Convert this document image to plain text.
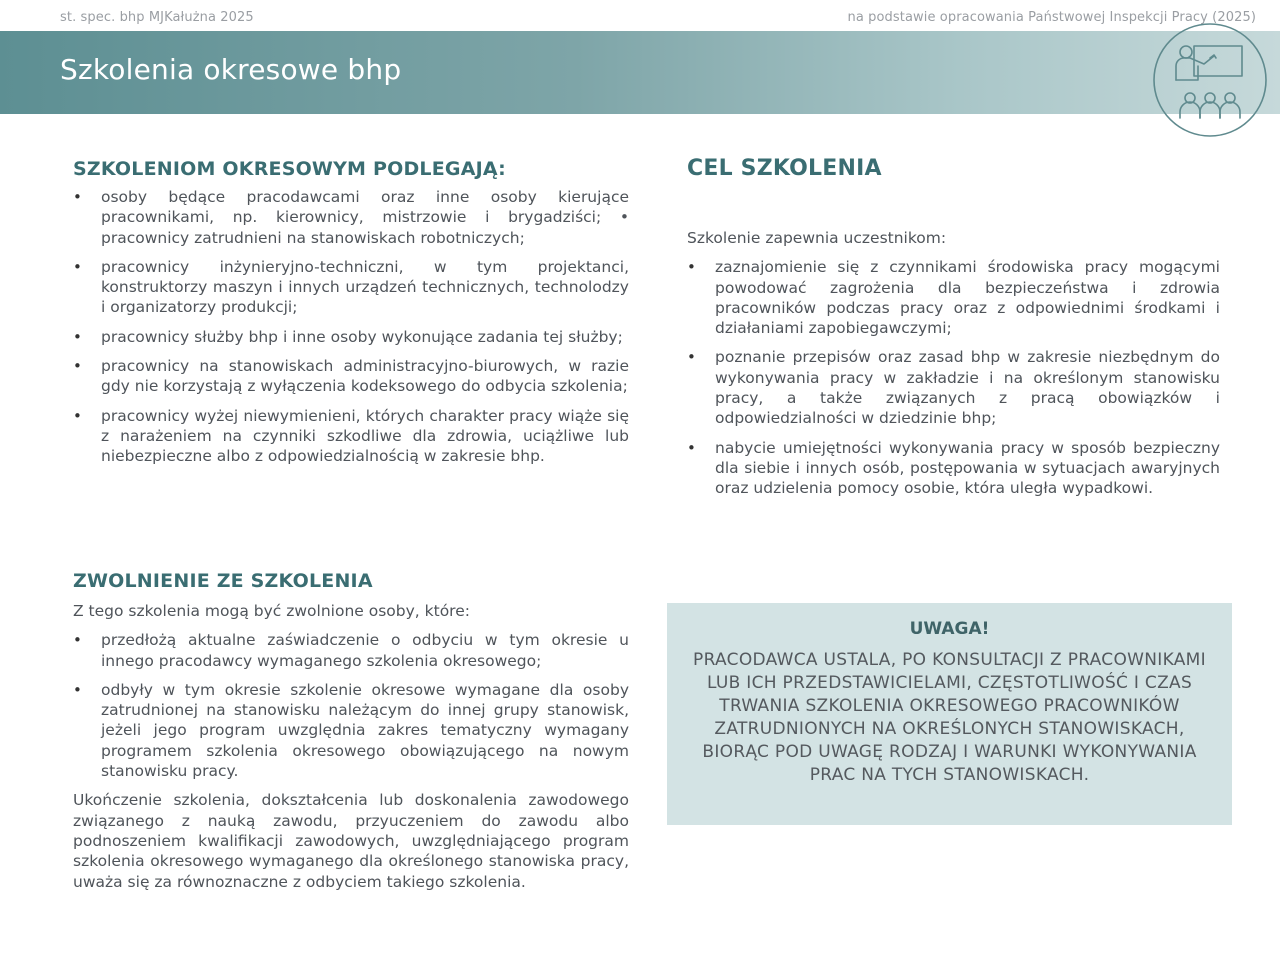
st. spec. bhp MJKałużna 2025	na podstawie opracowania Państwowej Inspekcji Pracy (2025)
Szkolenia okresowe bhp
SZKOLENIOM OKRESOWYM PODLEGAJĄ:
• osoby będące pracodawcami oraz inne osoby kierujące pracownikami, np. kierownicy, mistrzowie i brygadziści; • pracownicy zatrudnieni na stanowiskach robotniczych;
• pracownicy inżynieryjno-techniczni, w tym projektanci, konstruktorzy maszyn i innych urządzeń technicznych, technolodzy i organizatorzy produkcji;
• pracownicy służby bhp i inne osoby wykonujące zadania tej służby;
• pracownicy na stanowiskach administracyjno-biurowych, w razie gdy nie korzystają z wyłączenia kodeksowego do odbycia szkolenia;
• pracownicy wyżej niewymienieni, których charakter pracy wiąże się z narażeniem na czynniki szkodliwe dla zdrowia, uciążliwe lub niebezpieczne albo z odpowiedzialnością w zakresie bhp.
ZWOLNIENIE ZE SZKOLENIA

Z tego szkolenia mogą być zwolnione osoby, które:

• przedłożą aktualne zaświadczenie o odbyciu w tym okresie u innego pracodawcy wymaganego szkolenia okresowego;
• odbyły w tym okresie szkolenie okresowe wymagane dla osoby zatrudnionej na stanowisku należącym do innej grupy stanowisk, jeżeli jego program uwzględnia zakres tematyczny wymagany programem szkolenia okresowego obowiązującego na nowym stanowisku pracy.

Ukończenie szkolenia, dokształcenia lub doskonalenia zawodowego związanego z nauką zawodu, przyuczeniem do zawodu albo podnoszeniem kwalifikacji zawodowych, uwzględniającego program szkolenia okresowego wymaganego dla określonego stanowiska pracy, uważa się za równoznaczne z odbyciem takiego szkolenia.

CEL SZKOLENIA

Szkolenie zapewnia uczestnikom:

• zaznajomienie się z czynnikami środowiska pracy mogącymi powodować zagrożenia dla bezpieczeństwa i zdrowia pracowników podczas pracy oraz z odpowiednimi środkami i działaniami zapobiegawczymi;
• poznanie przepisów oraz zasad bhp w zakresie niezbędnym do wykonywania pracy w zakładzie i na określonym stanowisku pracy, a także związanych z pracą obowiązków i odpowiedzialności w dziedzinie bhp;
• nabycie umiejętności wykonywania pracy w sposób bezpieczny dla siebie i innych osób, postępowania w sytuacjach awaryjnych oraz udzielenia pomocy osobie, która uległa wypadkowi.
UWAGA!
PRACODAWCA USTALA, PO KONSULTACJI Z PRACOWNIKAMI LUB ICH PRZEDSTAWICIELAMI, CZĘSTOTLIWOŚĆ I CZAS TRWANIA SZKOLENIA OKRESOWEGO PRACOWNIKÓW ZATRUDNIONYCH NA OKREŚLONYCH STANOWISKACH, BIORĄC POD UWAGĘ RODZAJ I WARUNKI WYKONYWANIA PRAC NA TYCH STANOWISKACH.
